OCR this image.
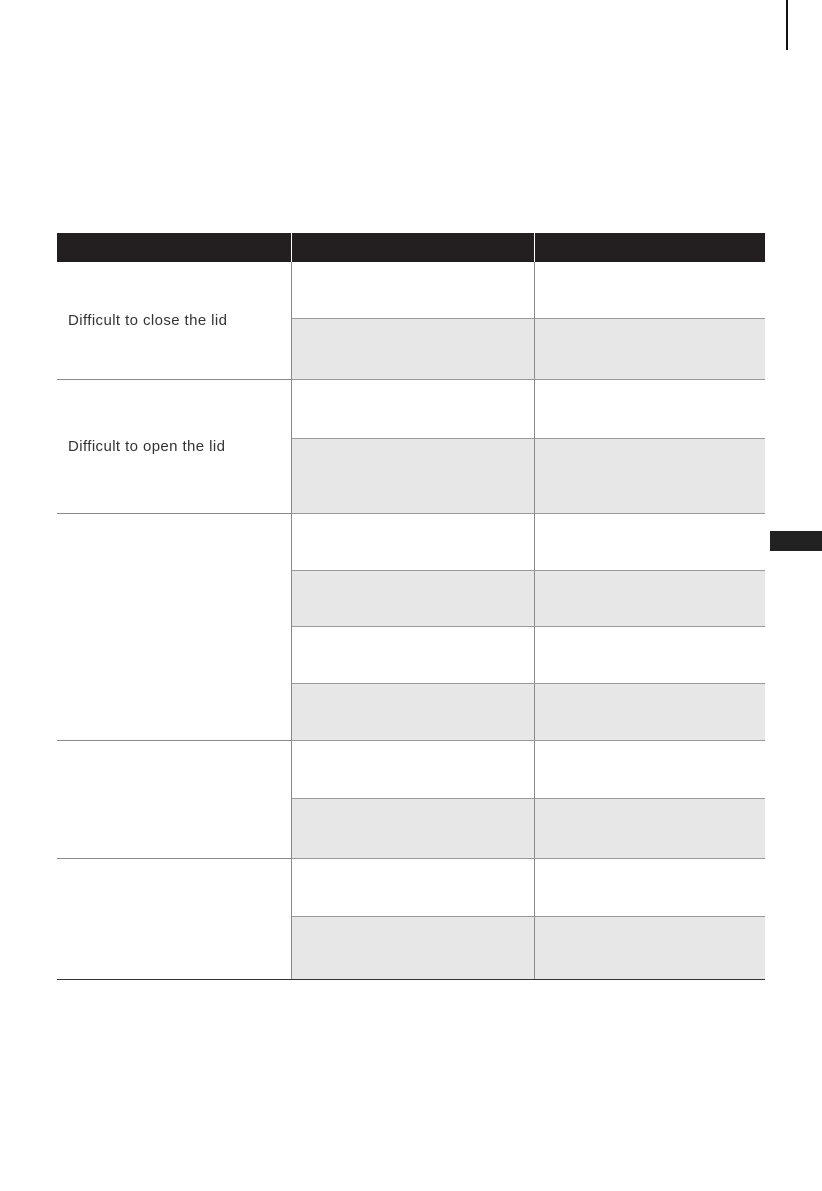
Difficult to close the lid		

Difficult to open the lid		
